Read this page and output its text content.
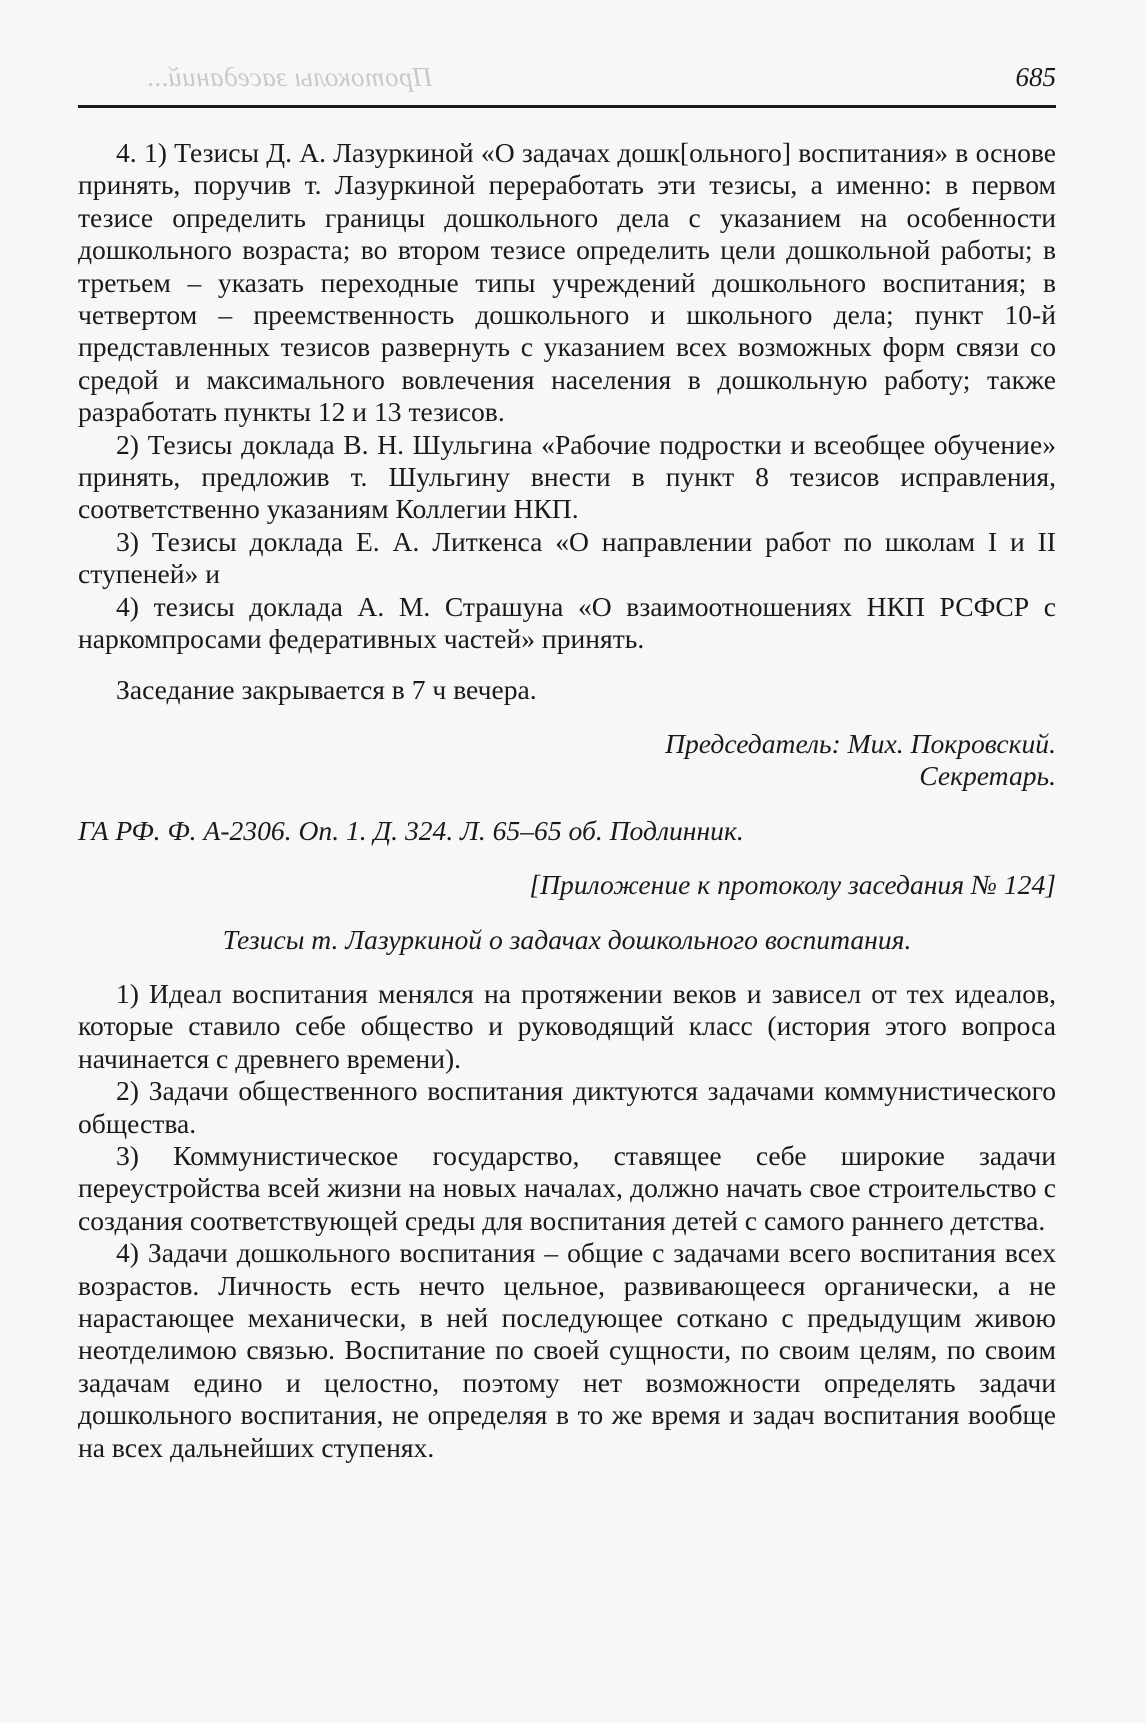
Протоколы заседаний...	685

4. 1) Тезисы Д. А. Лазуркиной «О задачах дошк[ольного] воспитания» в основе принять, поручив т. Лазуркиной переработать эти тезисы, а именно: в первом тезисе определить границы дошкольного дела с указанием на особенности дошкольного возраста; во втором тезисе определить цели дошкольной работы; в третьем – указать переходные типы учреждений дошкольного воспитания; в четвертом – преемственность дошкольного и школьного дела; пункт 10-й представленных тезисов развернуть с указанием всех возможных форм связи со средой и максимального вовлечения населения в дошкольную работу; также разработать пункты 12 и 13 тезисов.

2) Тезисы доклада В. Н. Шульгина «Рабочие подростки и всеобщее обучение» принять, предложив т. Шульгину внести в пункт 8 тезисов исправления, соответственно указаниям Коллегии НКП.

3) Тезисы доклада Е. А. Литкенса «О направлении работ по школам I и II ступеней» и

4) тезисы доклада А. М. Страшуна «О взаимоотношениях НКП РСФСР с наркомпросами федеративных частей» принять.

Заседание закрывается в 7 ч вечера.

Председатель: Мих. Покровский.

Секретарь.

ГА РФ. Ф. А-2306. Оп. 1. Д. 324. Л. 65–65 об. Подлинник.

[Приложение к протоколу заседания № 124]

Тезисы т. Лазуркиной о задачах дошкольного воспитания.

1) Идеал воспитания менялся на протяжении веков и зависел от тех идеалов, которые ставило себе общество и руководящий класс (история этого вопроса начинается с древнего времени).

2) Задачи общественного воспитания диктуются задачами коммунистического общества.

3) Коммунистическое государство, ставящее себе широкие задачи переустройства всей жизни на новых началах, должно начать свое строительство с создания соответствующей среды для воспитания детей с самого раннего детства.

4) Задачи дошкольного воспитания – общие с задачами всего воспитания всех возрастов. Личность есть нечто цельное, развивающееся органически, а не нарастающее механически, в ней последующее соткано с предыдущим живою неотделимою связью. Воспитание по своей сущности, по своим целям, по своим задачам едино и целостно, поэтому нет возможности определять задачи дошкольного воспитания, не определяя в то же время и задач воспитания вообще на всех дальнейших ступенях.
